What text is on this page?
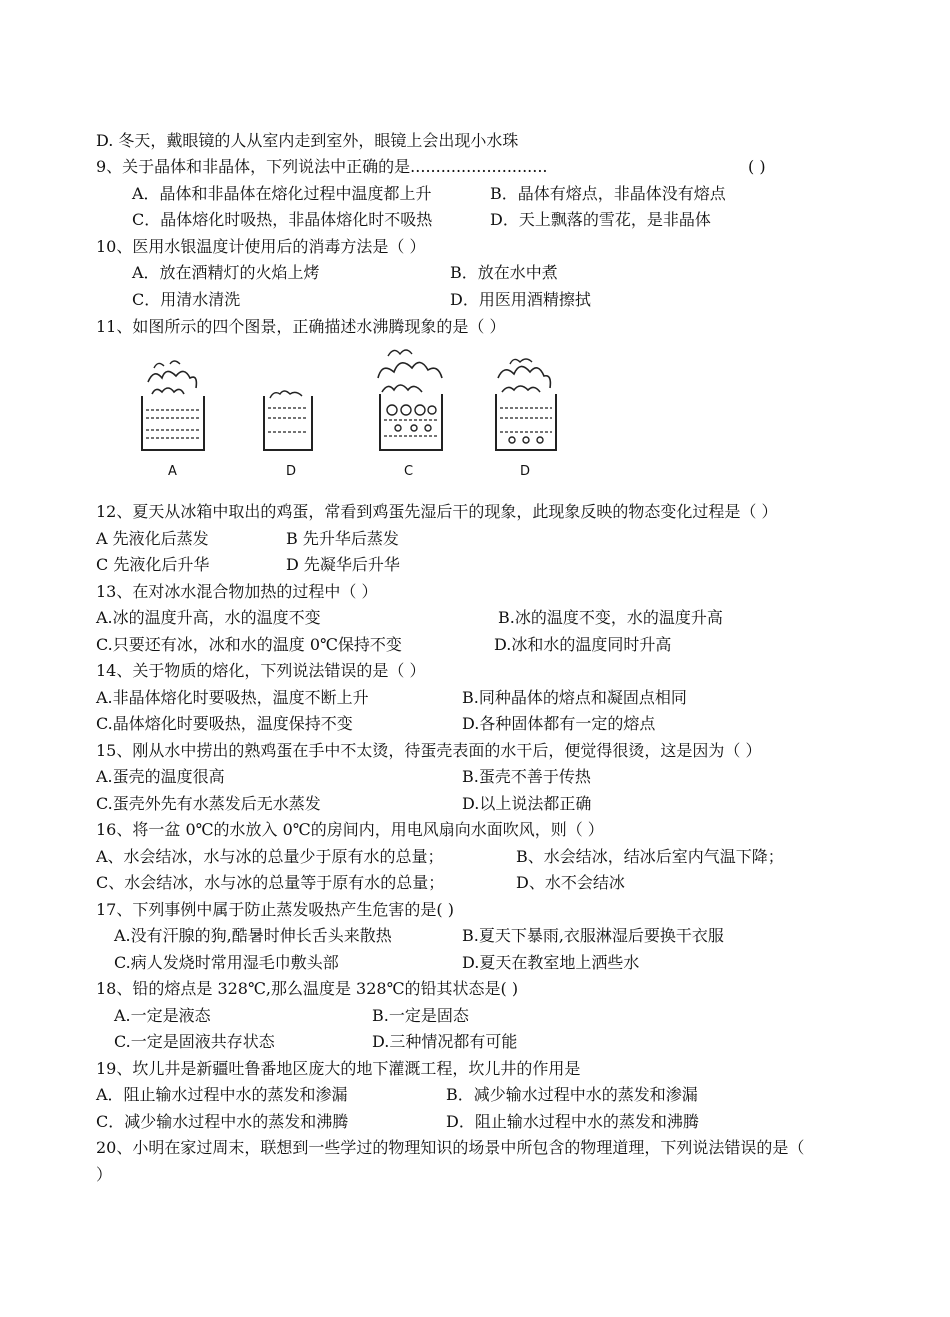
D. 冬天，戴眼镜的人从室内走到室外，眼镜上会出现小水珠
9、关于晶体和非晶体，下列说法中正确的是...........................	( )
A．晶体和非晶体在熔化过程中温度都上升	B．晶体有熔点，非晶体没有熔点
C．晶体熔化时吸热，非晶体熔化时不吸热	D．天上飘落的雪花，是非晶体
10、医用水银温度计使用后的消毒方法是（ ）
A．放在酒精灯的火焰上烤	B．放在水中煮
C．用清水清洗	D．用医用酒精擦拭
11、如图所示的四个图景，正确描述水沸腾现象的是（ ）
A	D	C	D
12、夏天从冰箱中取出的鸡蛋，常看到鸡蛋先湿后干的现象，此现象反映的物态变化过程是（ ）
A 先液化后蒸发	B 先升华后蒸发
C 先液化后升华	D 先凝华后升华
13、在对冰水混合物加热的过程中（ ）
A.冰的温度升高，水的温度不变	B.冰的温度不变，水的温度升高
C.只要还有冰，冰和水的温度 0℃保持不变	D.冰和水的温度同时升高
14、关于物质的熔化，下列说法错误的是（ ）
A.非晶体熔化时要吸热，温度不断上升	B.同种晶体的熔点和凝固点相同
C.晶体熔化时要吸热，温度保持不变	D.各种固体都有一定的熔点
15、刚从水中捞出的熟鸡蛋在手中不太烫，待蛋壳表面的水干后，便觉得很烫，这是因为（ ）
A.蛋壳的温度很高	B.蛋壳不善于传热
C.蛋壳外先有水蒸发后无水蒸发	D.以上说法都正确
16、将一盆 0℃的水放入 0℃的房间内，用电风扇向水面吹风，则（ ）
A、水会结冰，水与冰的总量少于原有水的总量；	B、水会结冰，结冰后室内气温下降；
C、水会结冰，水与冰的总量等于原有水的总量；	D、水不会结冰
17、下列事例中属于防止蒸发吸热产生危害的是( )
A.没有汗腺的狗,酷暑时伸长舌头来散热	B.夏天下暴雨,衣服淋湿后要换干衣服
C.病人发烧时常用湿毛巾敷头部	D.夏天在教室地上洒些水
18、铅的熔点是 328℃,那么温度是 328℃的铅其状态是( )
A.一定是液态	B.一定是固态
C.一定是固液共存状态	D.三种情况都有可能
19、坎儿井是新疆吐鲁番地区庞大的地下灌溉工程，坎儿井的作用是
A．阻止输水过程中水的蒸发和渗漏	B．减少输水过程中水的蒸发和渗漏
C．减少输水过程中水的蒸发和沸腾	D．阻止输水过程中水的蒸发和沸腾
20、小明在家过周末，联想到一些学过的物理知识的场景中所包含的物理道理，下列说法错误的是（
）
